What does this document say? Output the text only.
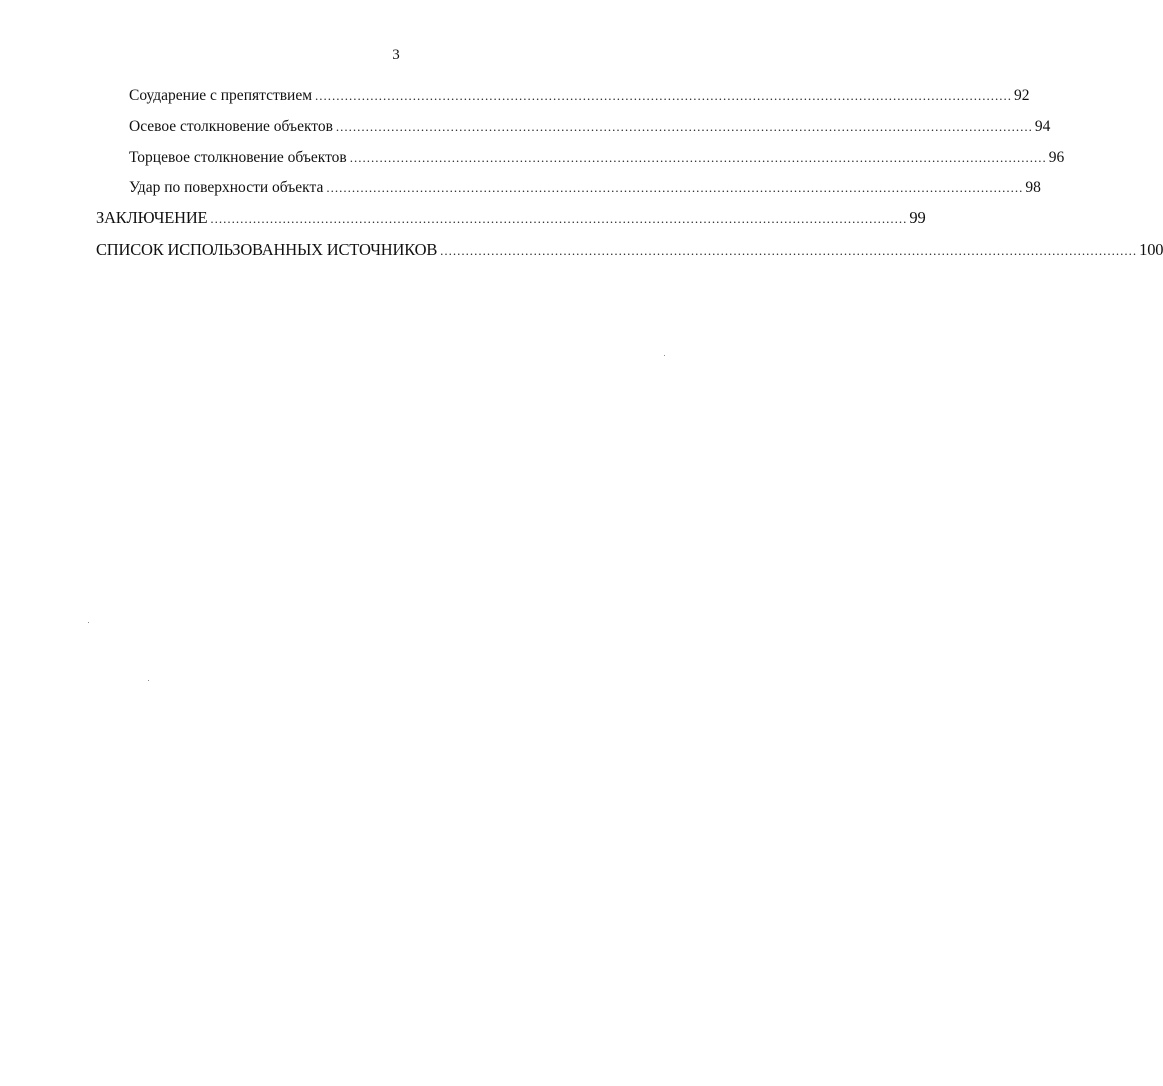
3
Соударение с препятствием .................................................................................................................................................................... 92
Осевое столкновение объектов .................................................................................................................................................................... 94
Торцевое столкновение объектов .................................................................................................................................................................... 96
Удар по поверхности объекта .................................................................................................................................................................... 98
ЗАКЛЮЧЕНИЕ .................................................................................................................................................................... 99
СПИСОК ИСПОЛЬЗОВАННЫХ ИСТОЧНИКОВ .................................................................................................................................................................... 100
